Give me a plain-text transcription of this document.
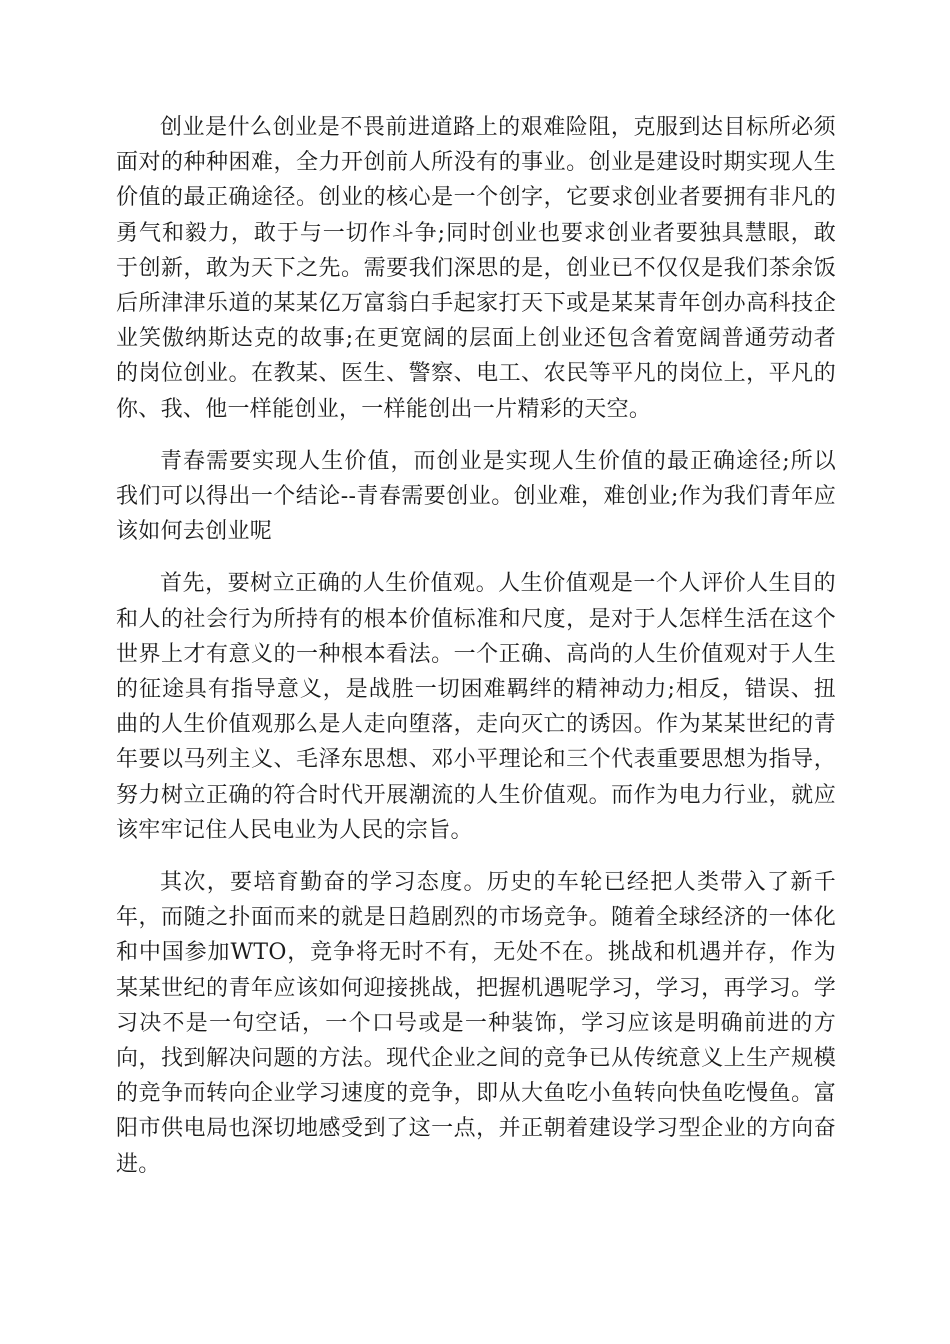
创业是什么创业是不畏前进道路上的艰难险阻，克服到达目标所必须面对的种种困难，全力开创前人所没有的事业。创业是建设时期实现人生价值的最正确途径。创业的核心是一个创字，它要求创业者要拥有非凡的勇气和毅力，敢于与一切作斗争;同时创业也要求创业者要独具慧眼，敢于创新，敢为天下之先。需要我们深思的是，创业已不仅仅是我们茶余饭后所津津乐道的某某亿万富翁白手起家打天下或是某某青年创办高科技企业笑傲纳斯达克的故事;在更宽阔的层面上创业还包含着宽阔普通劳动者的岗位创业。在教某、医生、警察、电工、农民等平凡的岗位上，平凡的你、我、他一样能创业，一样能创出一片精彩的天空。

青春需要实现人生价值，而创业是实现人生价值的最正确途径;所以我们可以得出一个结论--青春需要创业。创业难，难创业;作为我们青年应该如何去创业呢

首先，要树立正确的人生价值观。人生价值观是一个人评价人生目的和人的社会行为所持有的根本价值标准和尺度，是对于人怎样生活在这个世界上才有意义的一种根本看法。一个正确、高尚的人生价值观对于人生的征途具有指导意义，是战胜一切困难羁绊的精神动力;相反，错误、扭曲的人生价值观那么是人走向堕落，走向灭亡的诱因。作为某某世纪的青年要以马列主义、毛泽东思想、邓小平理论和三个代表重要思想为指导，努力树立正确的符合时代开展潮流的人生价值观。而作为电力行业，就应该牢牢记住人民电业为人民的宗旨。

其次，要培育勤奋的学习态度。历史的车轮已经把人类带入了新千年，而随之扑面而来的就是日趋剧烈的市场竞争。随着全球经济的一体化和中国参加WTO，竞争将无时不有，无处不在。挑战和机遇并存，作为某某世纪的青年应该如何迎接挑战，把握机遇呢学习，学习，再学习。学习决不是一句空话，一个口号或是一种装饰，学习应该是明确前进的方向，找到解决问题的方法。现代企业之间的竞争已从传统意义上生产规模的竞争而转向企业学习速度的竞争，即从大鱼吃小鱼转向快鱼吃慢鱼。富阳市供电局也深切地感受到了这一点，并正朝着建设学习型企业的方向奋进。
